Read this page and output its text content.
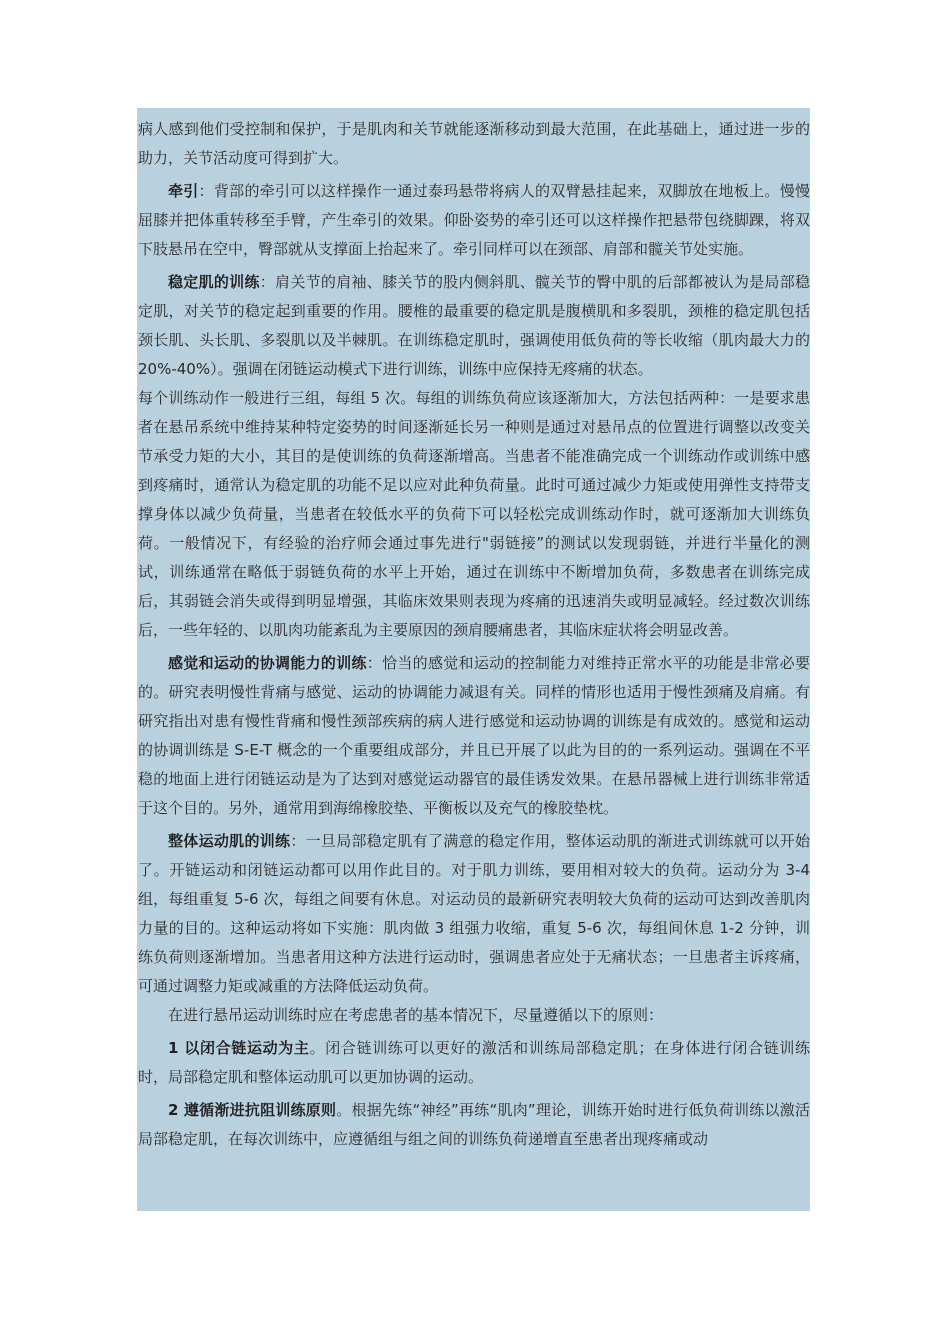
病人感到他们受控制和保护，于是肌肉和关节就能逐渐移动到最大范围，在此基础上，通过进一步的助力，关节活动度可得到扩大。

牵引：背部的牵引可以这样操作一通过泰玛悬带将病人的双臂悬挂起来，双脚放在地板上。慢慢屈膝并把体重转移至手臂，产生牵引的效果。仰卧姿势的牵引还可以这样操作把悬带包绕脚踝，将双下肢悬吊在空中，臀部就从支撑面上抬起来了。牵引同样可以在颈部、肩部和髋关节处实施。

稳定肌的训练：肩关节的肩袖、膝关节的股内侧斜肌、髋关节的臀中肌的后部都被认为是局部稳定肌，对关节的稳定起到重要的作用。腰椎的最重要的稳定肌是腹横肌和多裂肌，颈椎的稳定肌包括颈长肌、头长肌、多裂肌以及半棘肌。在训练稳定肌时，强调使用低负荷的等长收缩（肌肉最大力的 20%-40%）。强调在闭链运动模式下进行训练，训练中应保持无疼痛的状态。

每个训练动作一般进行三组，每组 5 次。每组的训练负荷应该逐渐加大，方法包括两种：一是要求患者在悬吊系统中维持某种特定姿势的时间逐渐延长另一种则是通过对悬吊点的位置进行调整以改变关节承受力矩的大小，其目的是使训练的负荷逐渐增高。当患者不能准确完成一个训练动作或训练中感到疼痛时，通常认为稳定肌的功能不足以应对此种负荷量。此时可通过减少力矩或使用弹性支持带支撑身体以减少负荷量，当患者在较低水平的负荷下可以轻松完成训练动作时，就可逐渐加大训练负荷。一般情况下，有经验的治疗师会通过事先进行"弱链接”的测试以发现弱链，并进行半量化的测试，训练通常在略低于弱链负荷的水平上开始，通过在训练中不断增加负荷，多数患者在训练完成后，其弱链会消失或得到明显增强，其临床效果则表现为疼痛的迅速消失或明显减轻。经过数次训练后，一些年轻的、以肌肉功能紊乱为主要原因的颈肩腰痛患者，其临床症状将会明显改善。

感觉和运动的协调能力的训练：恰当的感觉和运动的控制能力对维持正常水平的功能是非常必要的。研究表明慢性背痛与感觉、运动的协调能力减退有关。同样的情形也适用于慢性颈痛及肩痛。有研究指出对患有慢性背痛和慢性颈部疾病的病人进行感觉和运动协调的训练是有成效的。感觉和运动的协调训练是 S-E-T 概念的一个重要组成部分，并且已开展了以此为目的的一系列运动。强调在不平稳的地面上进行闭链运动是为了达到对感觉运动器官的最佳诱发效果。在悬吊器械上进行训练非常适于这个目的。另外，通常用到海绵橡胶垫、平衡板以及充气的橡胶垫枕。

整体运动肌的训练：一旦局部稳定肌有了满意的稳定作用，整体运动肌的渐进式训练就可以开始了。开链运动和闭链运动都可以用作此目的。对于肌力训练，要用相对较大的负荷。运动分为 3-4 组，每组重复 5-6 次，每组之间要有休息。对运动员的最新研究表明较大负荷的运动可达到改善肌肉力量的目的。这种运动将如下实施：肌肉做 3 组强力收缩，重复 5-6 次，每组间休息 1-2 分钟，训练负荷则逐渐增加。当患者用这种方法进行运动时，强调患者应处于无痛状态；一旦患者主诉疼痛，可通过调整力矩或减重的方法降低运动负荷。

在进行悬吊运动训练时应在考虑患者的基本情况下，尽量遵循以下的原则：

1 以闭合链运动为主。闭合链训练可以更好的激活和训练局部稳定肌；在身体进行闭合链训练时，局部稳定肌和整体运动肌可以更加协调的运动。

2 遵循渐进抗阻训练原则。根据先练“神经”再练“肌肉”理论，训练开始时进行低负荷训练以激活局部稳定肌，在每次训练中，应遵循组与组之间的训练负荷递增直至患者出现疼痛或动
